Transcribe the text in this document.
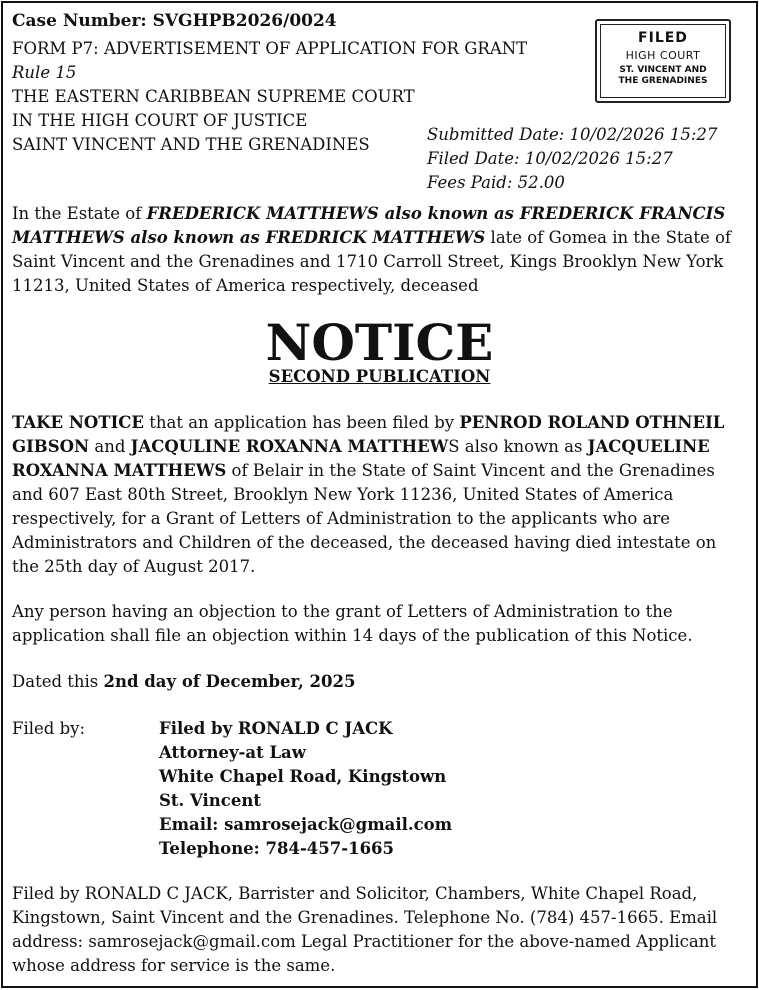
Case Number: SVGHPB2026/0024
FORM P7: ADVERTISEMENT OF APPLICATION FOR GRANT
Rule 15
THE EASTERN CARIBBEAN SUPREME COURT
IN THE HIGH COURT OF JUSTICE
SAINT VINCENT AND THE GRENADINES
FILED
HIGH COURT
ST. VINCENT AND
THE GRENADINES
Submitted Date: 10/02/2026 15:27
Filed Date: 10/02/2026 15:27
Fees Paid: 52.00
In the Estate of FREDERICK MATTHEWS also known as FREDERICK FRANCIS MATTHEWS also known as FREDRICK MATTHEWS late of Gomea in the State of Saint Vincent and the Grenadines and 1710 Carroll Street, Kings Brooklyn New York 11213, United States of America respectively, deceased
NOTICE
SECOND PUBLICATION
TAKE NOTICE that an application has been filed by PENROD ROLAND OTHNEIL GIBSON and JACQULINE ROXANNA MATTHEWS also known as JACQUELINE ROXANNA MATTHEWS of Belair in the State of Saint Vincent and the Grenadines and 607 East 80th Street, Brooklyn New York 11236, United States of America respectively, for a Grant of Letters of Administration to the applicants who are Administrators and Children of the deceased, the deceased having died intestate on the 25th day of August 2017.
Any person having an objection to the grant of Letters of Administration to the application shall file an objection within 14 days of the publication of this Notice.
Dated this 2nd day of December, 2025
Filed by:	Filed by RONALD C JACK
Attorney-at Law
White Chapel Road, Kingstown
St. Vincent
Email: samrosejack@gmail.com
Telephone: 784-457-1665
Filed by RONALD C JACK, Barrister and Solicitor, Chambers, White Chapel Road, Kingstown, Saint Vincent and the Grenadines. Telephone No. (784) 457-1665. Email address: samrosejack@gmail.com Legal Practitioner for the above-named Applicant whose address for service is the same.
